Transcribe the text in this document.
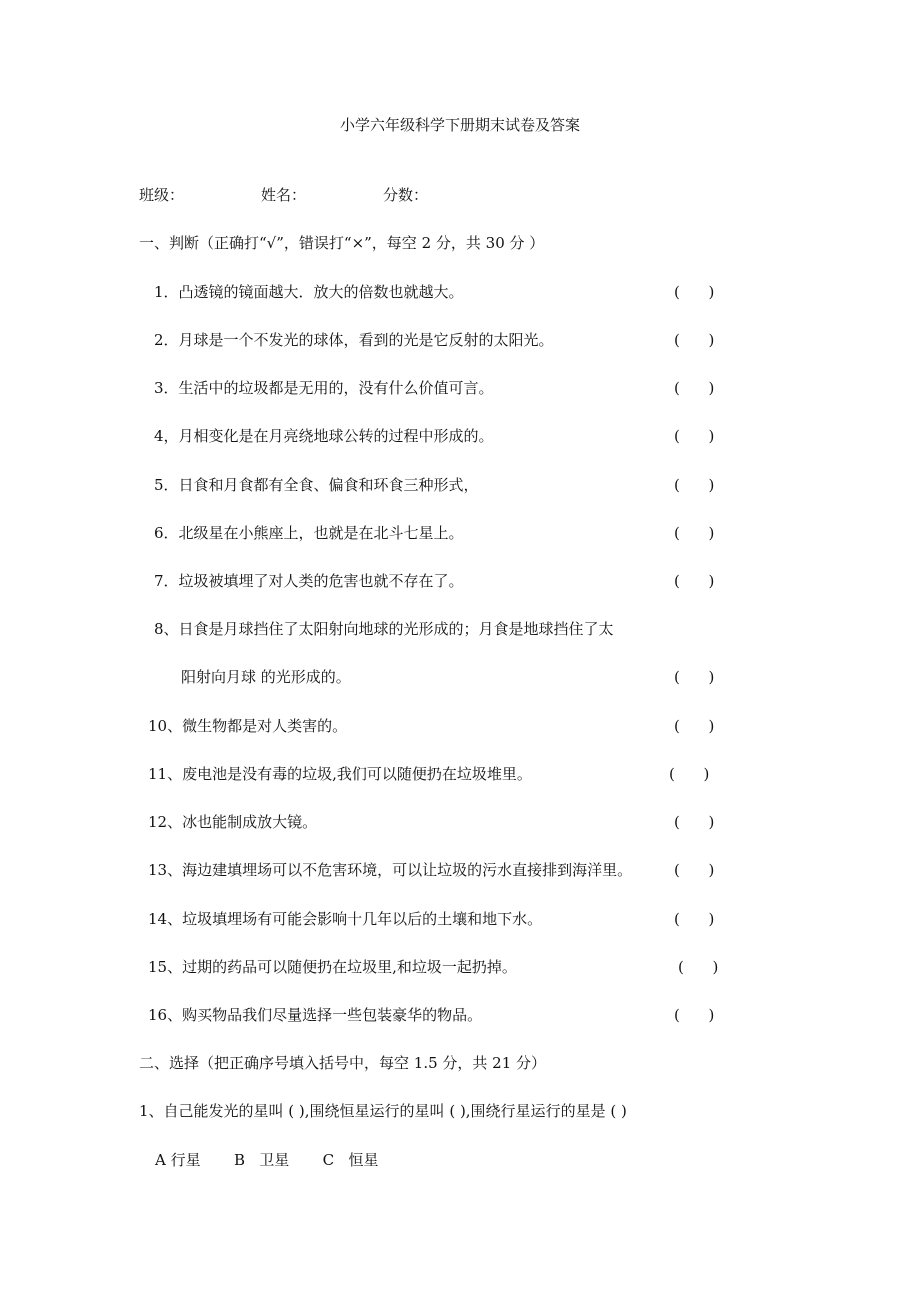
小学六年级科学下册期末试卷及答案
班级：	姓名：	分数：
一、判断（正确打“√”，错误打“×”，每空 2 分，共 30 分 ）
1．凸透镜的镜面越大．放大的倍数也就越大。	(      )
2．月球是一个不发光的球体，看到的光是它反射的太阳光。	(      )
3．生活中的垃圾都是无用的，没有什么价值可言。	(      )
4，月相变化是在月亮绕地球公转的过程中形成的。	(      )
5．日食和月食都有全食、偏食和环食三种形式，	(      )
6．北级星在小熊座上，也就是在北斗七星上。	(      )
7．垃圾被填埋了对人类的危害也就不存在了。	(      )
8、日食是月球挡住了太阳射向地球的光形成的；月食是地球挡住了太
阳射向月球 的光形成的。	(      )
10、微生物都是对人类害的。	(      )
11、废电池是没有毒的垃圾,我们可以随便扔在垃圾堆里。	(      )
12、冰也能制成放大镜。	(      )
13、海边建填埋场可以不危害环境，可以让垃圾的污水直接排到海洋里。	(      )
14、垃圾填埋场有可能会影响十几年以后的土壤和地下水。	(      )
15、过期的药品可以随便扔在垃圾里,和垃圾一起扔掉。	(      )
16、购买物品我们尽量选择一些包装豪华的物品。	(      )
二、选择（把正确序号填入括号中，每空 1.5 分，共 21 分）
1、自己能发光的星叫 ( ),围绕恒星运行的星叫 ( ),围绕行星运行的星是 ( )
A 行星       B   卫星       C   恒星
